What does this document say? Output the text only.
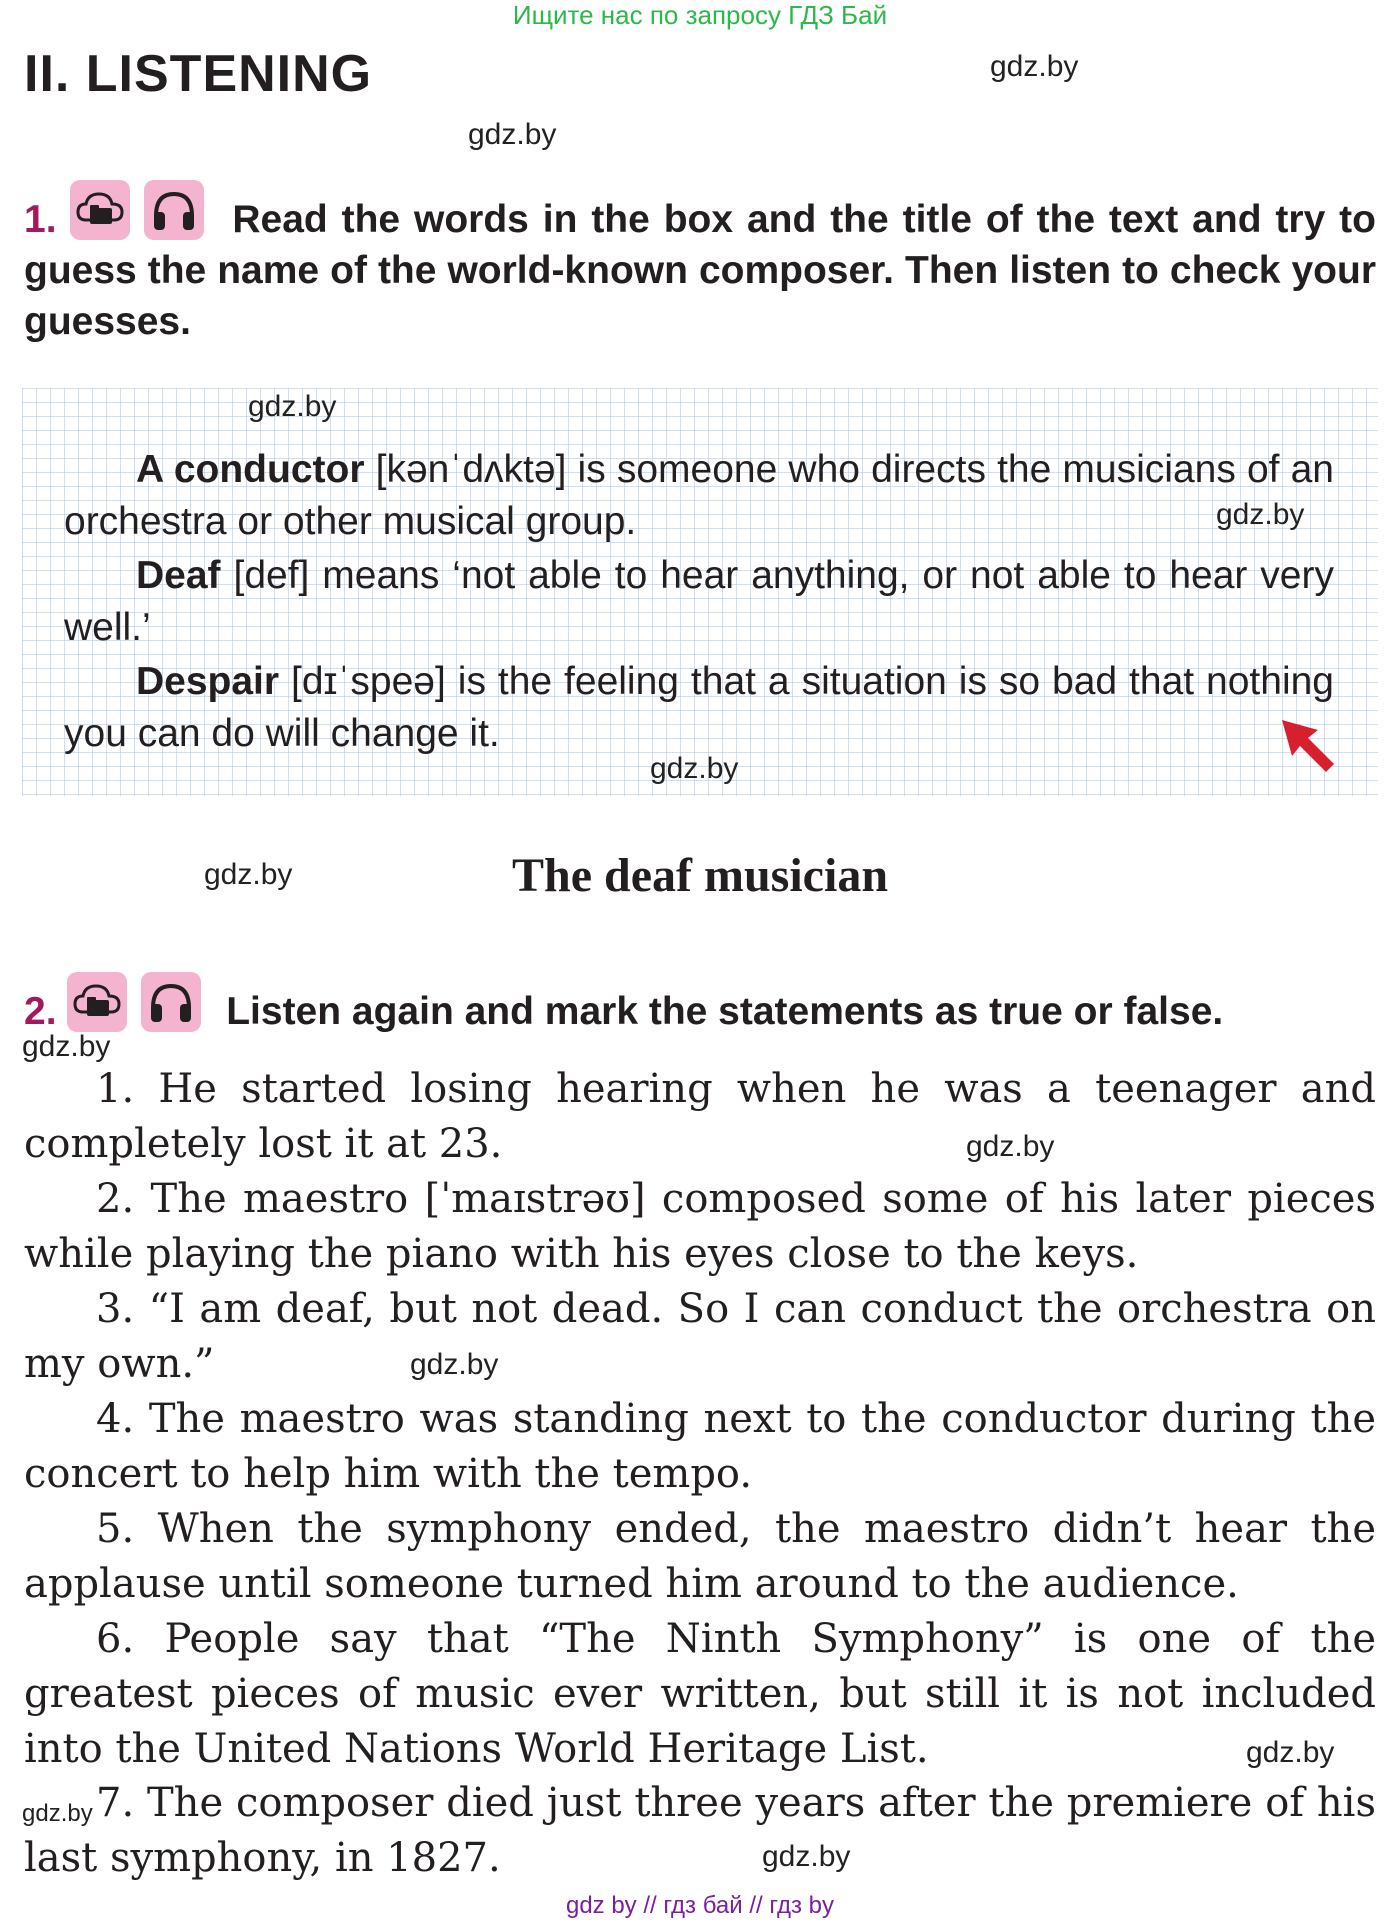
Ищите нас по запросу ГДЗ Бай
II. LISTENING	gdz.by
gdz.by
1.	Read the words in the box and the title of the text and try to guess the name of the world-known composer. Then listen to check your guesses.
gdz.by
A conductor [kənˈdʌktə] is someone who directs the musicians of an orchestra or other musical group.	gdz.by
Deaf [def] means ‘not able to hear anything, or not able to hear very well.’
Despair [dɪˈspeə] is the feeling that a situation is so bad that nothing you can do will change it.
gdz.by
gdz.by	The deaf musician
2.	Listen again and mark the statements as true or false.
gdz.by
1. He started losing hearing when he was a teenager and completely lost it at 23.	gdz.by
2. The maestro [ˈmaɪstrəʊ] composed some of his later pieces while playing the piano with his eyes close to the keys.
3. “I am deaf, but not dead. So I can conduct the orchestra on my own.”	gdz.by
4. The maestro was standing next to the conductor during the concert to help him with the tempo.
5. When the symphony ended, the maestro didn’t hear the applause until someone turned him around to the audience.
6. People say that “The Ninth Symphony” is one of the greatest pieces of music ever written, but still it is not included into the United Nations World Heritage List.	gdz.by
7. The composer died just three years after the premiere of his last symphony, in 1827.
gdz.by
gdz.by
gdz by // гдз бай // гдз by
